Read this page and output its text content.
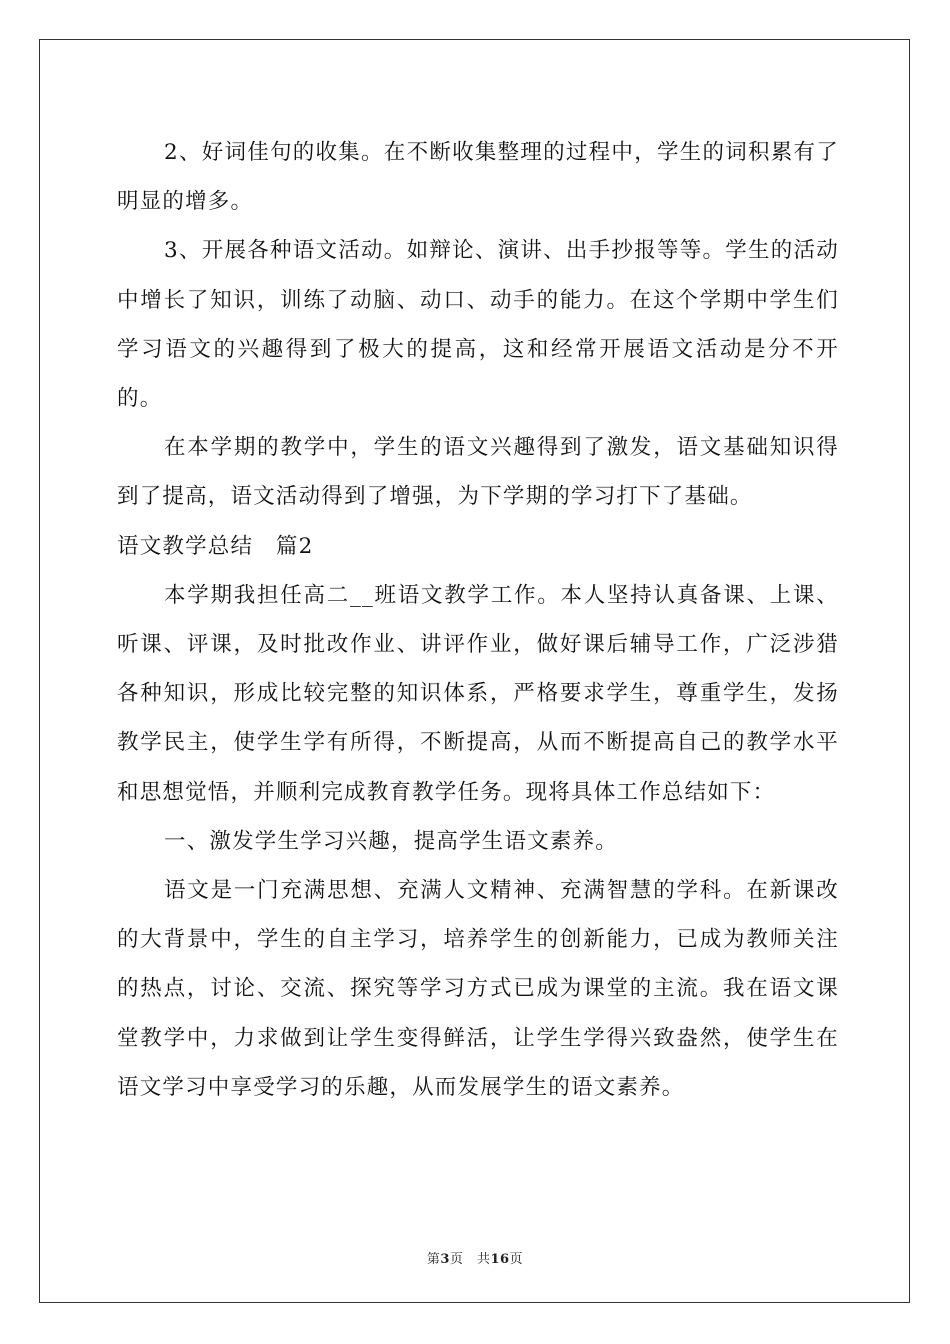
2、好词佳句的收集。在不断收集整理的过程中，学生的词积累有了明显的增多。

3、开展各种语文活动。如辩论、演讲、出手抄报等等。学生的活动中增长了知识，训练了动脑、动口、动手的能力。在这个学期中学生们学习语文的兴趣得到了极大的提高，这和经常开展语文活动是分不开的。

在本学期的教学中，学生的语文兴趣得到了激发，语文基础知识得到了提高，语文活动得到了增强，为下学期的学习打下了基础。

语文教学总结　篇2

本学期我担任高二__班语文教学工作。本人坚持认真备课、上课、听课、评课，及时批改作业、讲评作业，做好课后辅导工作，广泛涉猎各种知识，形成比较完整的知识体系，严格要求学生，尊重学生，发扬教学民主，使学生学有所得，不断提高，从而不断提高自己的教学水平和思想觉悟，并顺利完成教育教学任务。现将具体工作总结如下：

一、激发学生学习兴趣，提高学生语文素养。

语文是一门充满思想、充满人文精神、充满智慧的学科。在新课改的大背景中，学生的自主学习，培养学生的创新能力，已成为教师关注的热点，讨论、交流、探究等学习方式已成为课堂的主流。我在语文课堂教学中，力求做到让学生变得鲜活，让学生学得兴致盎然，使学生在语文学习中享受学习的乐趣，从而发展学生的语文素养。

第3页　共16页
